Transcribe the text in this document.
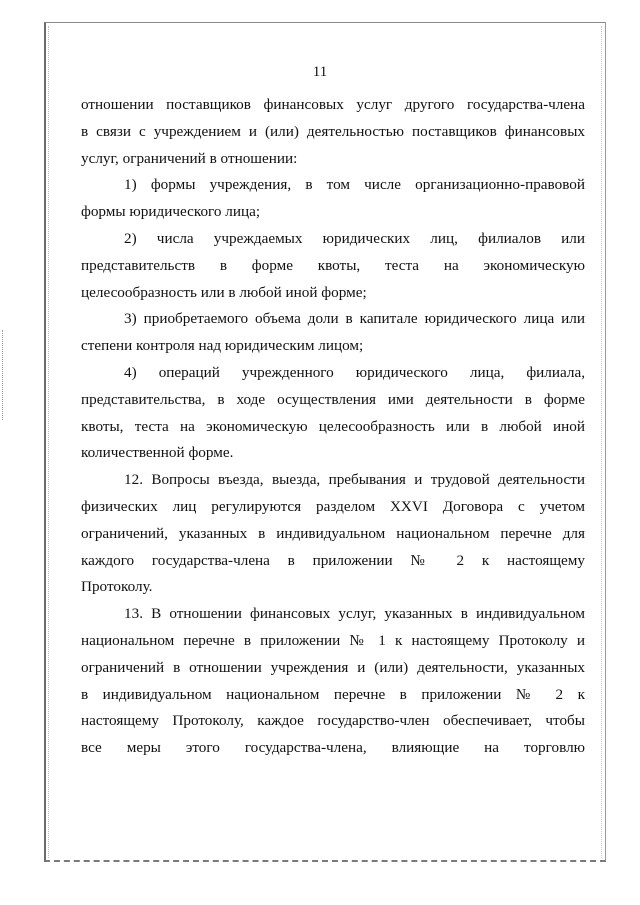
11
отношении поставщиков финансовых услуг другого государства-члена
в связи с учреждением и (или) деятельностью поставщиков финансовых
услуг, ограничений в отношении:
1) формы учреждения, в том числе организационно-правовой
формы юридического лица;
2) числа учреждаемых юридических лиц, филиалов или
представительств в форме квоты, теста на экономическую
целесообразность или в любой иной форме;
3) приобретаемого объема доли в капитале юридического лица или
степени контроля над юридическим лицом;
4) операций учрежденного юридического лица, филиала,
представительства, в ходе осуществления ими деятельности в форме
квоты, теста на экономическую целесообразность или в любой иной
количественной форме.
12. Вопросы въезда, выезда, пребывания и трудовой деятельности
физических лиц регулируются разделом XXVI Договора с учетом
ограничений, указанных в индивидуальном национальном перечне для
каждого государства-члена в приложении № 2 к настоящему
Протоколу.
13. В отношении финансовых услуг, указанных в индивидуальном
национальном перечне в приложении № 1 к настоящему Протоколу и
ограничений в отношении учреждения и (или) деятельности, указанных
в индивидуальном национальном перечне в приложении № 2 к
настоящему Протоколу, каждое государство-член обеспечивает, чтобы
все меры этого государства-члена, влияющие на торговлю
